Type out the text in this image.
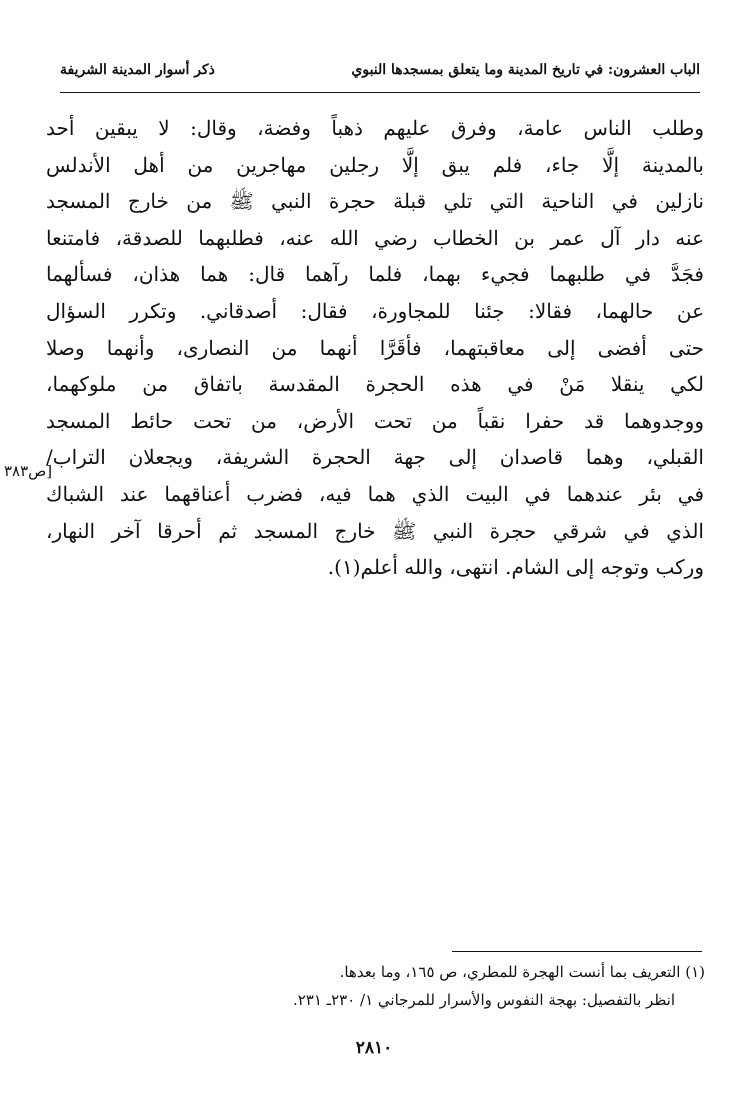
الباب العشرون: في تاريخ المدينة وما يتعلق بمسجدها النبوي
ذكر أسوار المدينة الشريفة
وطلب الناس عامة، وفرق عليهم ذهباً وفضة، وقال: لا يبقين أحد
بالمدينة إلَّا جاء، فلم يبق إلَّا رجلين مهاجرين من أهل الأندلس
نازلين في الناحية التي تلي قبلة حجرة النبي ﷺ من خارج المسجد
عنه دار آل عمر بن الخطاب رضي الله عنه، فطلبهما للصدقة، فامتنعا
فجَدَّ في طلبهما فجيء بهما، فلما رآهما قال: هما هذان، فسألهما
عن حالهما، فقالا: جئنا للمجاورة، فقال: أصدقاني. وتكرر السؤال
حتى أفضى إلى معاقبتهما، فأقَرَّا أنهما من النصارى، وأنهما وصلا
لكي ينقلا مَنْ في هذه الحجرة المقدسة باتفاق من ملوكهما،
ووجدوهما قد حفرا نقباً من تحت الأرض، من تحت حائط المسجد
القبلي، وهما قاصدان إلى جهة الحجرة الشريفة، ويجعلان التراب/
في بئر عندهما في البيت الذي هما فيه، فضرب أعناقهما عند الشباك
الذي في شرقي حجرة النبي ﷺ خارج المسجد ثم أحرقا آخر النهار،
وركب وتوجه إلى الشام. انتهى، والله أعلم(١).
[ص٣٨٣
(١) التعريف بما أنست الهجرة للمطري، ص ١٦٥، وما بعدها.
انظر بالتفصيل: بهجة النفوس والأسرار للمرجاني ١/ ٢٣٠ـ ٢٣١.
٢٨١٠
